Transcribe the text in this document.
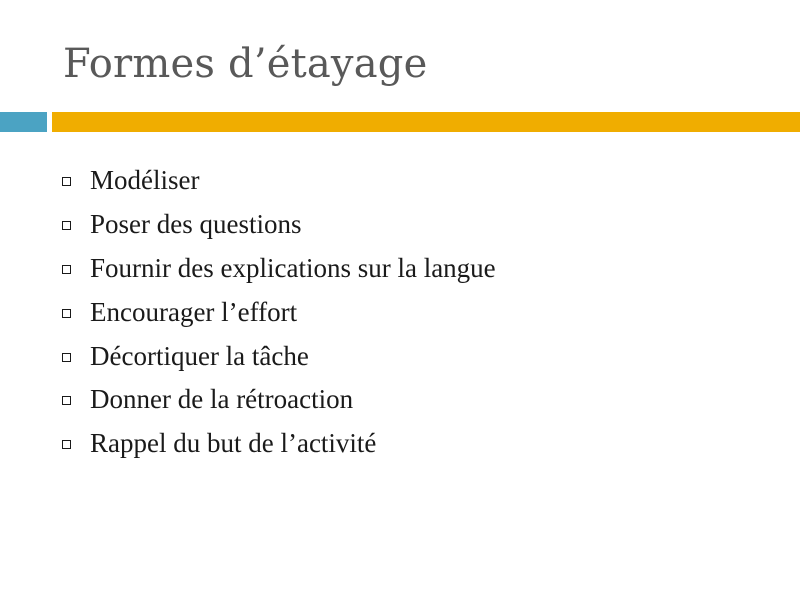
Formes d’étayage
Modéliser
Poser des questions
Fournir des explications sur la langue
Encourager l’effort
Décortiquer la tâche
Donner de la rétroaction
Rappel du but de l’activité
